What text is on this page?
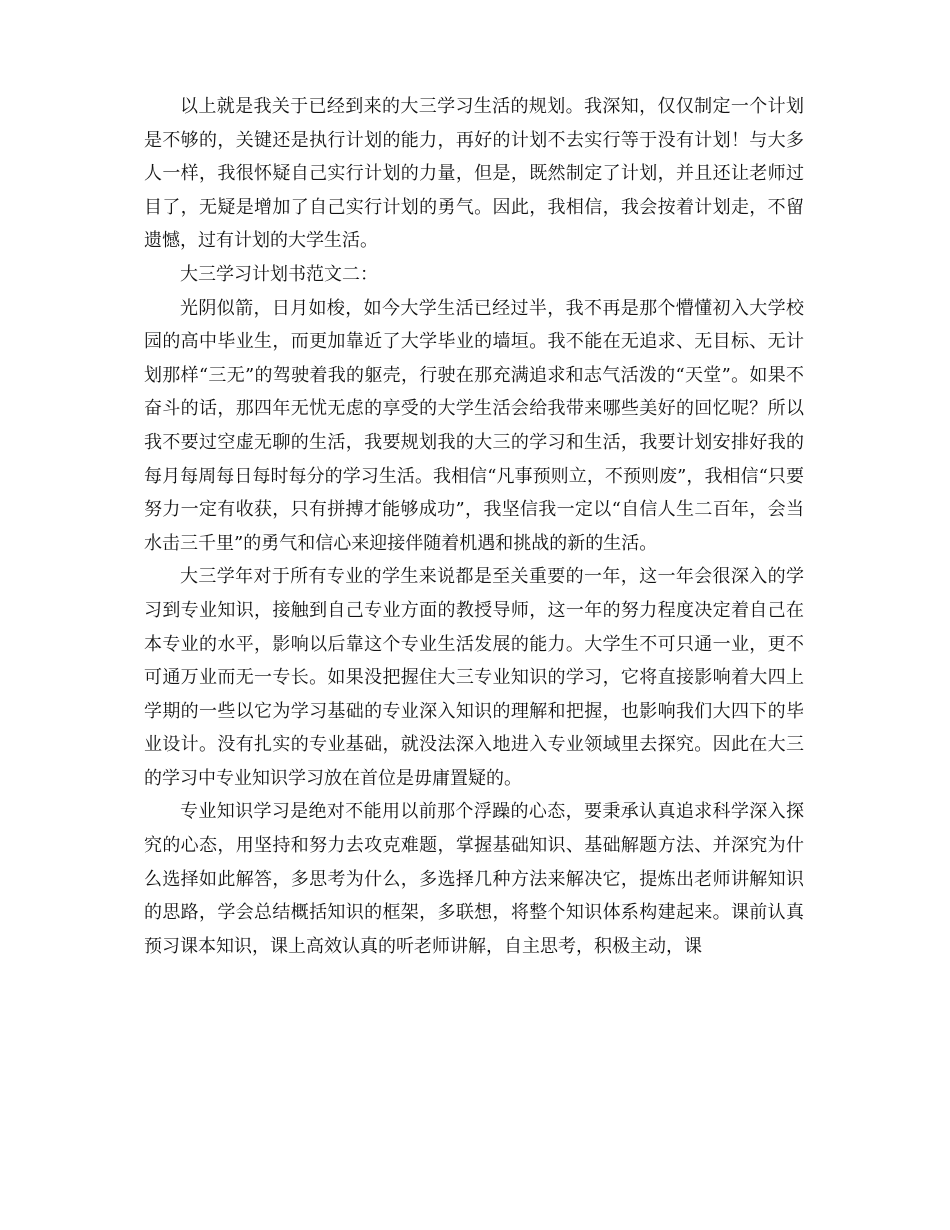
以上就是我关于已经到来的大三学习生活的规划。我深知，仅仅制定一个计划是不够的，关键还是执行计划的能力，再好的计划不去实行等于没有计划！与大多人一样，我很怀疑自己实行计划的力量，但是，既然制定了计划，并且还让老师过目了，无疑是增加了自己实行计划的勇气。因此，我相信，我会按着计划走，不留遗憾，过有计划的大学生活。

大三学习计划书范文二：

光阴似箭，日月如梭，如今大学生活已经过半，我不再是那个懵懂初入大学校园的高中毕业生，而更加靠近了大学毕业的墙垣。我不能在无追求、无目标、无计划那样“三无”的驾驶着我的躯壳，行驶在那充满追求和志气活泼的“天堂”。如果不奋斗的话，那四年无忧无虑的享受的大学生活会给我带来哪些美好的回忆呢？所以我不要过空虚无聊的生活，我要规划我的大三的学习和生活，我要计划安排好我的每月每周每日每时每分的学习生活。我相信“凡事预则立，不预则废”，我相信“只要努力一定有收获，只有拼搏才能够成功”，我坚信我一定以“自信人生二百年，会当水击三千里”的勇气和信心来迎接伴随着机遇和挑战的新的生活。

大三学年对于所有专业的学生来说都是至关重要的一年，这一年会很深入的学习到专业知识，接触到自己专业方面的教授导师，这一年的努力程度决定着自己在本专业的水平，影响以后靠这个专业生活发展的能力。大学生不可只通一业，更不可通万业而无一专长。如果没把握住大三专业知识的学习，它将直接影响着大四上学期的一些以它为学习基础的专业深入知识的理解和把握，也影响我们大四下的毕业设计。没有扎实的专业基础，就没法深入地进入专业领域里去探究。因此在大三的学习中专业知识学习放在首位是毋庸置疑的。

专业知识学习是绝对不能用以前那个浮躁的心态，要秉承认真追求科学深入探究的心态，用坚持和努力去攻克难题，掌握基础知识、基础解题方法、并深究为什么选择如此解答，多思考为什么，多选择几种方法来解决它，提炼出老师讲解知识的思路，学会总结概括知识的框架，多联想，将整个知识体系构建起来。课前认真预习课本知识，课上高效认真的听老师讲解，自主思考，积极主动，课
